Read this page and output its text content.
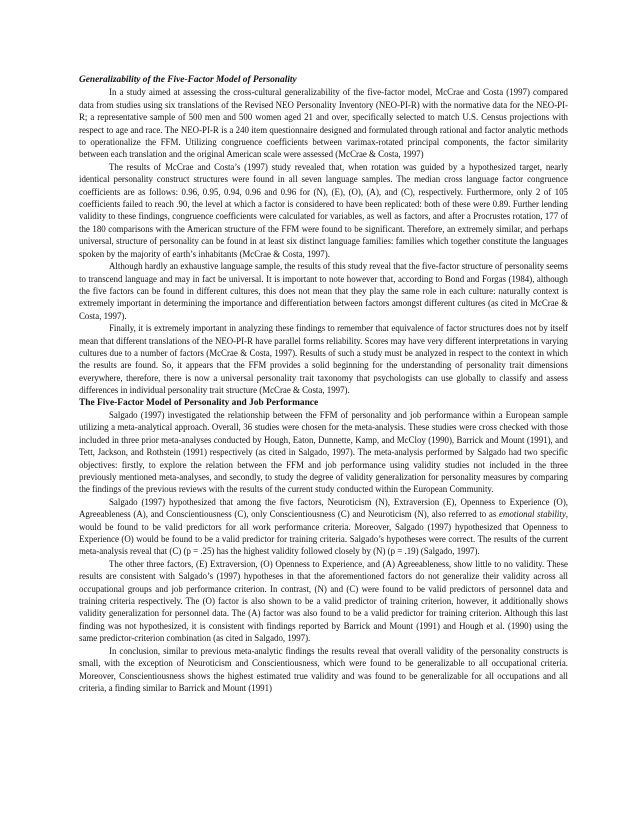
Generalizability of the Five-Factor Model of Personality

In a study aimed at assessing the cross-cultural generalizability of the five-factor model, McCrae and Costa (1997) compared data from studies using six translations of the Revised NEO Personality Inventory (NEO-PI-R) with the normative data for the NEO-PI-R; a representative sample of 500 men and 500 women aged 21 and over, specifically selected to match U.S. Census projections with respect to age and race. The NEO-PI-R is a 240 item questionnaire designed and formulated through rational and factor analytic methods to operationalize the FFM. Utilizing congruence coefficients between varimax-rotated principal components, the factor similarity between each translation and the original American scale were assessed (McCrae & Costa, 1997)

The results of McCrae and Costa’s (1997) study revealed that, when rotation was guided by a hypothesized target, nearly identical personality construct structures were found in all seven language samples. The median cross language factor congruence coefficients are as follows: 0.96, 0.95, 0.94, 0.96 and 0.96 for (N), (E), (O), (A), and (C), respectively. Furthermore, only 2 of 105 coefficients failed to reach .90, the level at which a factor is considered to have been replicated: both of these were 0.89. Further lending validity to these findings, congruence coefficients were calculated for variables, as well as factors, and after a Procrustes rotation, 177 of the 180 comparisons with the American structure of the FFM were found to be significant. Therefore, an extremely similar, and perhaps universal, structure of personality can be found in at least six distinct language families: families which together constitute the languages spoken by the majority of earth’s inhabitants (McCrae & Costa, 1997).

Although hardly an exhaustive language sample, the results of this study reveal that the five-factor structure of personality seems to transcend language and may in fact be universal. It is important to note however that, according to Bond and Forgas (1984), although the five factors can be found in different cultures, this does not mean that they play the same role in each culture: naturally context is extremely important in determining the importance and differentiation between factors amongst different cultures (as cited in McCrae & Costa, 1997).

Finally, it is extremely important in analyzing these findings to remember that equivalence of factor structures does not by itself mean that different translations of the NEO-PI-R have parallel forms reliability. Scores may have very different interpretations in varying cultures due to a number of factors (McCrae & Costa, 1997). Results of such a study must be analyzed in respect to the context in which the results are found. So, it appears that the FFM provides a solid beginning for the understanding of personality trait dimensions everywhere, therefore, there is now a universal personality trait taxonomy that psychologists can use globally to classify and assess differences in individual personality trait structure (McCrae & Costa, 1997).

The Five-Factor Model of Personality and Job Performance

Salgado (1997) investigated the relationship between the FFM of personality and job performance within a European sample utilizing a meta-analytical approach. Overall, 36 studies were chosen for the meta-analysis. These studies were cross checked with those included in three prior meta-analyses conducted by Hough, Eaton, Dunnette, Kamp, and McCloy (1990), Barrick and Mount (1991), and Tett, Jackson, and Rothstein (1991) respectively (as cited in Salgado, 1997). The meta-analysis performed by Salgado had two specific objectives: firstly, to explore the relation between the FFM and job performance using validity studies not included in the three previously mentioned meta-analyses, and secondly, to study the degree of validity generalization for personality measures by comparing the findings of the previous reviews with the results of the current study conducted within the European Community.

Salgado (1997) hypothesized that among the five factors, Neuroticism (N), Extraversion (E), Openness to Experience (O), Agreeableness (A), and Conscientiousness (C), only Conscientiousness (C) and Neuroticism (N), also referred to as emotional stability, would be found to be valid predictors for all work performance criteria. Moreover, Salgado (1997) hypothesized that Openness to Experience (O) would be found to be a valid predictor for training criteria. Salgado’s hypotheses were correct. The results of the current meta-analysis reveal that (C) (p = .25) has the highest validity followed closely by (N) (p = .19) (Salgado, 1997).

The other three factors, (E) Extraversion, (O) Openness to Experience, and (A) Agreeableness, show little to no validity. These results are consistent with Salgado’s (1997) hypotheses in that the aforementioned factors do not generalize their validity across all occupational groups and job performance criterion. In contrast, (N) and (C) were found to be valid predictors of personnel data and training criteria respectively. The (O) factor is also shown to be a valid predictor of training criterion, however, it additionally shows validity generalization for personnel data. The (A) factor was also found to be a valid predictor for training criterion. Although this last finding was not hypothesized, it is consistent with findings reported by Barrick and Mount (1991) and Hough et al. (1990) using the same predictor-criterion combination (as cited in Salgado, 1997).

In conclusion, similar to previous meta-analytic findings the results reveal that overall validity of the personality constructs is small, with the exception of Neuroticism and Conscientiousness, which were found to be generalizable to all occupational criteria. Moreover, Conscientiousness shows the highest estimated true validity and was found to be generalizable for all occupations and all criteria, a finding similar to Barrick and Mount (1991)
